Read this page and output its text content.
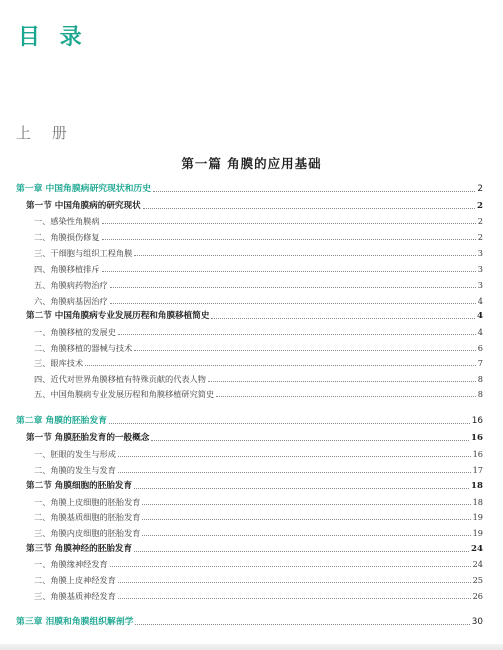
目 录
上 册
第一篇 角膜的应用基础
第一章 中国角膜病研究现状和历史	2
第一节 中国角膜病的研究现状	2
一、感染性角膜病	2
二、角膜损伤修复	2
三、干细胞与组织工程角膜	3
四、角膜移植排斥	3
五、角膜病药物治疗	3
六、角膜病基因治疗	4
第二节 中国角膜病专业发展历程和角膜移植简史	4
一、角膜移植的发展史	4
二、角膜移植的器械与技术	6
三、眼库技术	7
四、近代对世界角膜移植有特殊贡献的代表人物	8
五、中国角膜病专业发展历程和角膜移植研究简史	8
第二章 角膜的胚胎发育	16
第一节 角膜胚胎发育的一般概念	16
一、胚眼的发生与形成	16
二、角膜的发生与发育	17
第二节 角膜细胞的胚胎发育	18
一、角膜上皮细胞的胚胎发育	18
二、角膜基质细胞的胚胎发育	19
三、角膜内皮细胞的胚胎发育	19
第三节 角膜神经的胚胎发育	24
一、角膜缘神经发育	24
二、角膜上皮神经发育	25
三、角膜基质神经发育	26
第三章 泪膜和角膜组织解剖学	30
